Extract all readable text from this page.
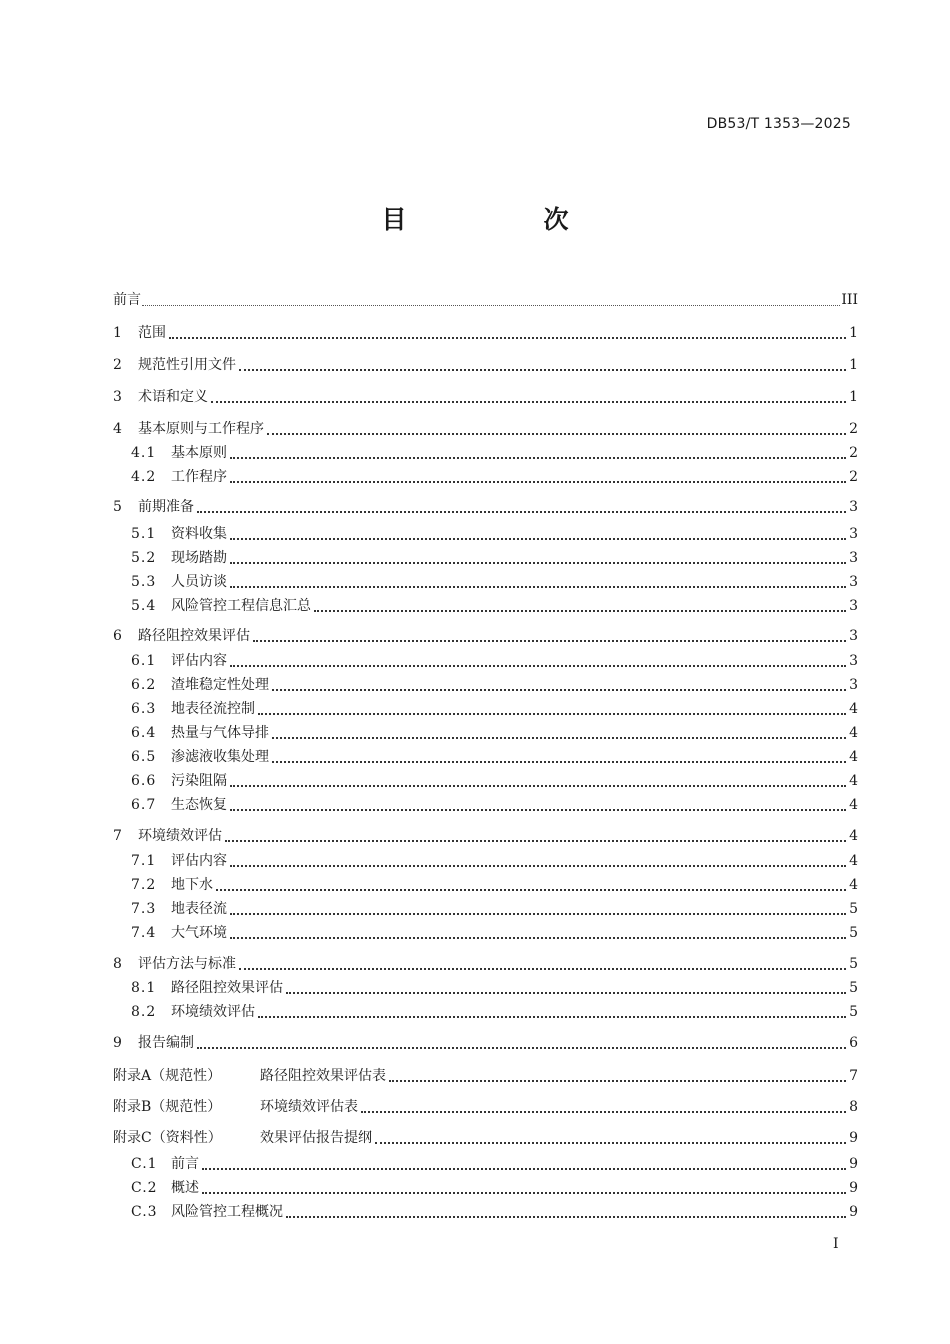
DB53/T 1353—2025
目　次
前言	III
1	范围	1
2	规范性引用文件	1
3	术语和定义	1
4	基本原则与工作程序	2
4.1	基本原则	2
4.2	工作程序	2
5	前期准备	3
5.1	资料收集	3
5.2	现场踏勘	3
5.3	人员访谈	3
5.4	风险管控工程信息汇总	3
6	路径阻控效果评估	3
6.1	评估内容	3
6.2	渣堆稳定性处理	3
6.3	地表径流控制	4
6.4	热量与气体导排	4
6.5	渗滤液收集处理	4
6.6	污染阻隔	4
6.7	生态恢复	4
7	环境绩效评估	4
7.1	评估内容	4
7.2	地下水	4
7.3	地表径流	5
7.4	大气环境	5
8	评估方法与标准	5
8.1	路径阻控效果评估	5
8.2	环境绩效评估	5
9	报告编制	6
附录A（规范性）	路径阻控效果评估表	7
附录B（规范性）	环境绩效评估表	8
附录C（资料性）	效果评估报告提纲	9
C.1 前言	9
C.2 概述	9
C.3 风险管控工程概况	9
I
